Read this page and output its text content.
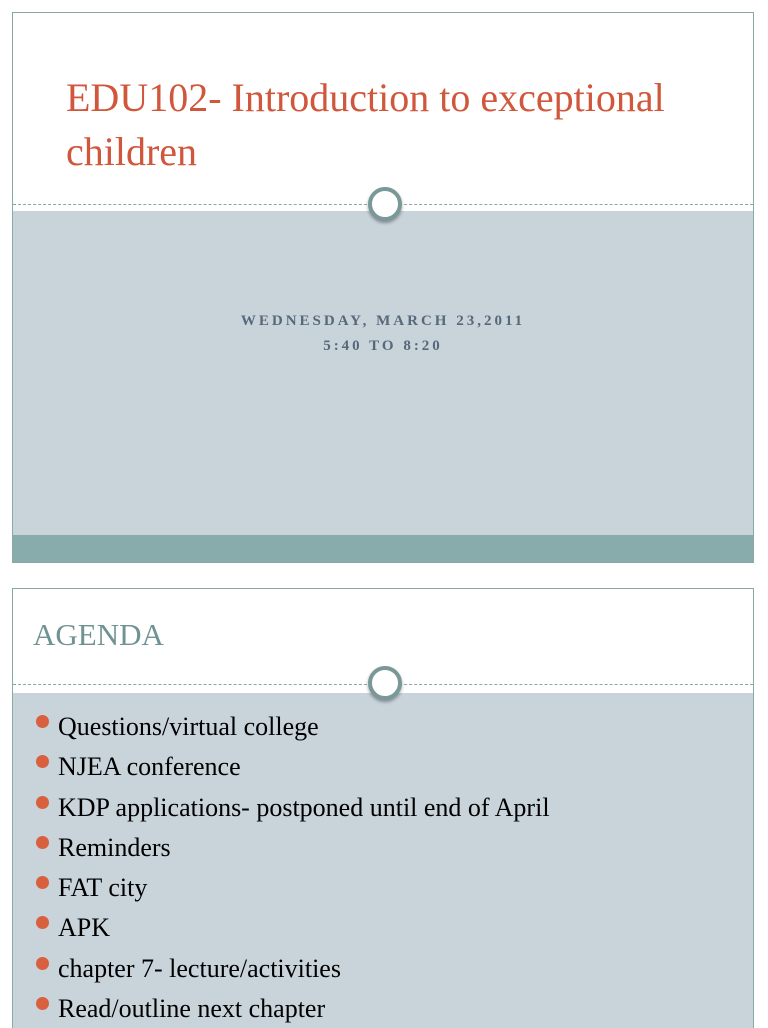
EDU102- Introduction to exceptional children
WEDNESDAY, MARCH 23,2011
5:40 TO 8:20
AGENDA
Questions/virtual college
NJEA conference
KDP applications- postponed until end of April
Reminders
FAT city
APK
chapter 7- lecture/activities
Read/outline next chapter
